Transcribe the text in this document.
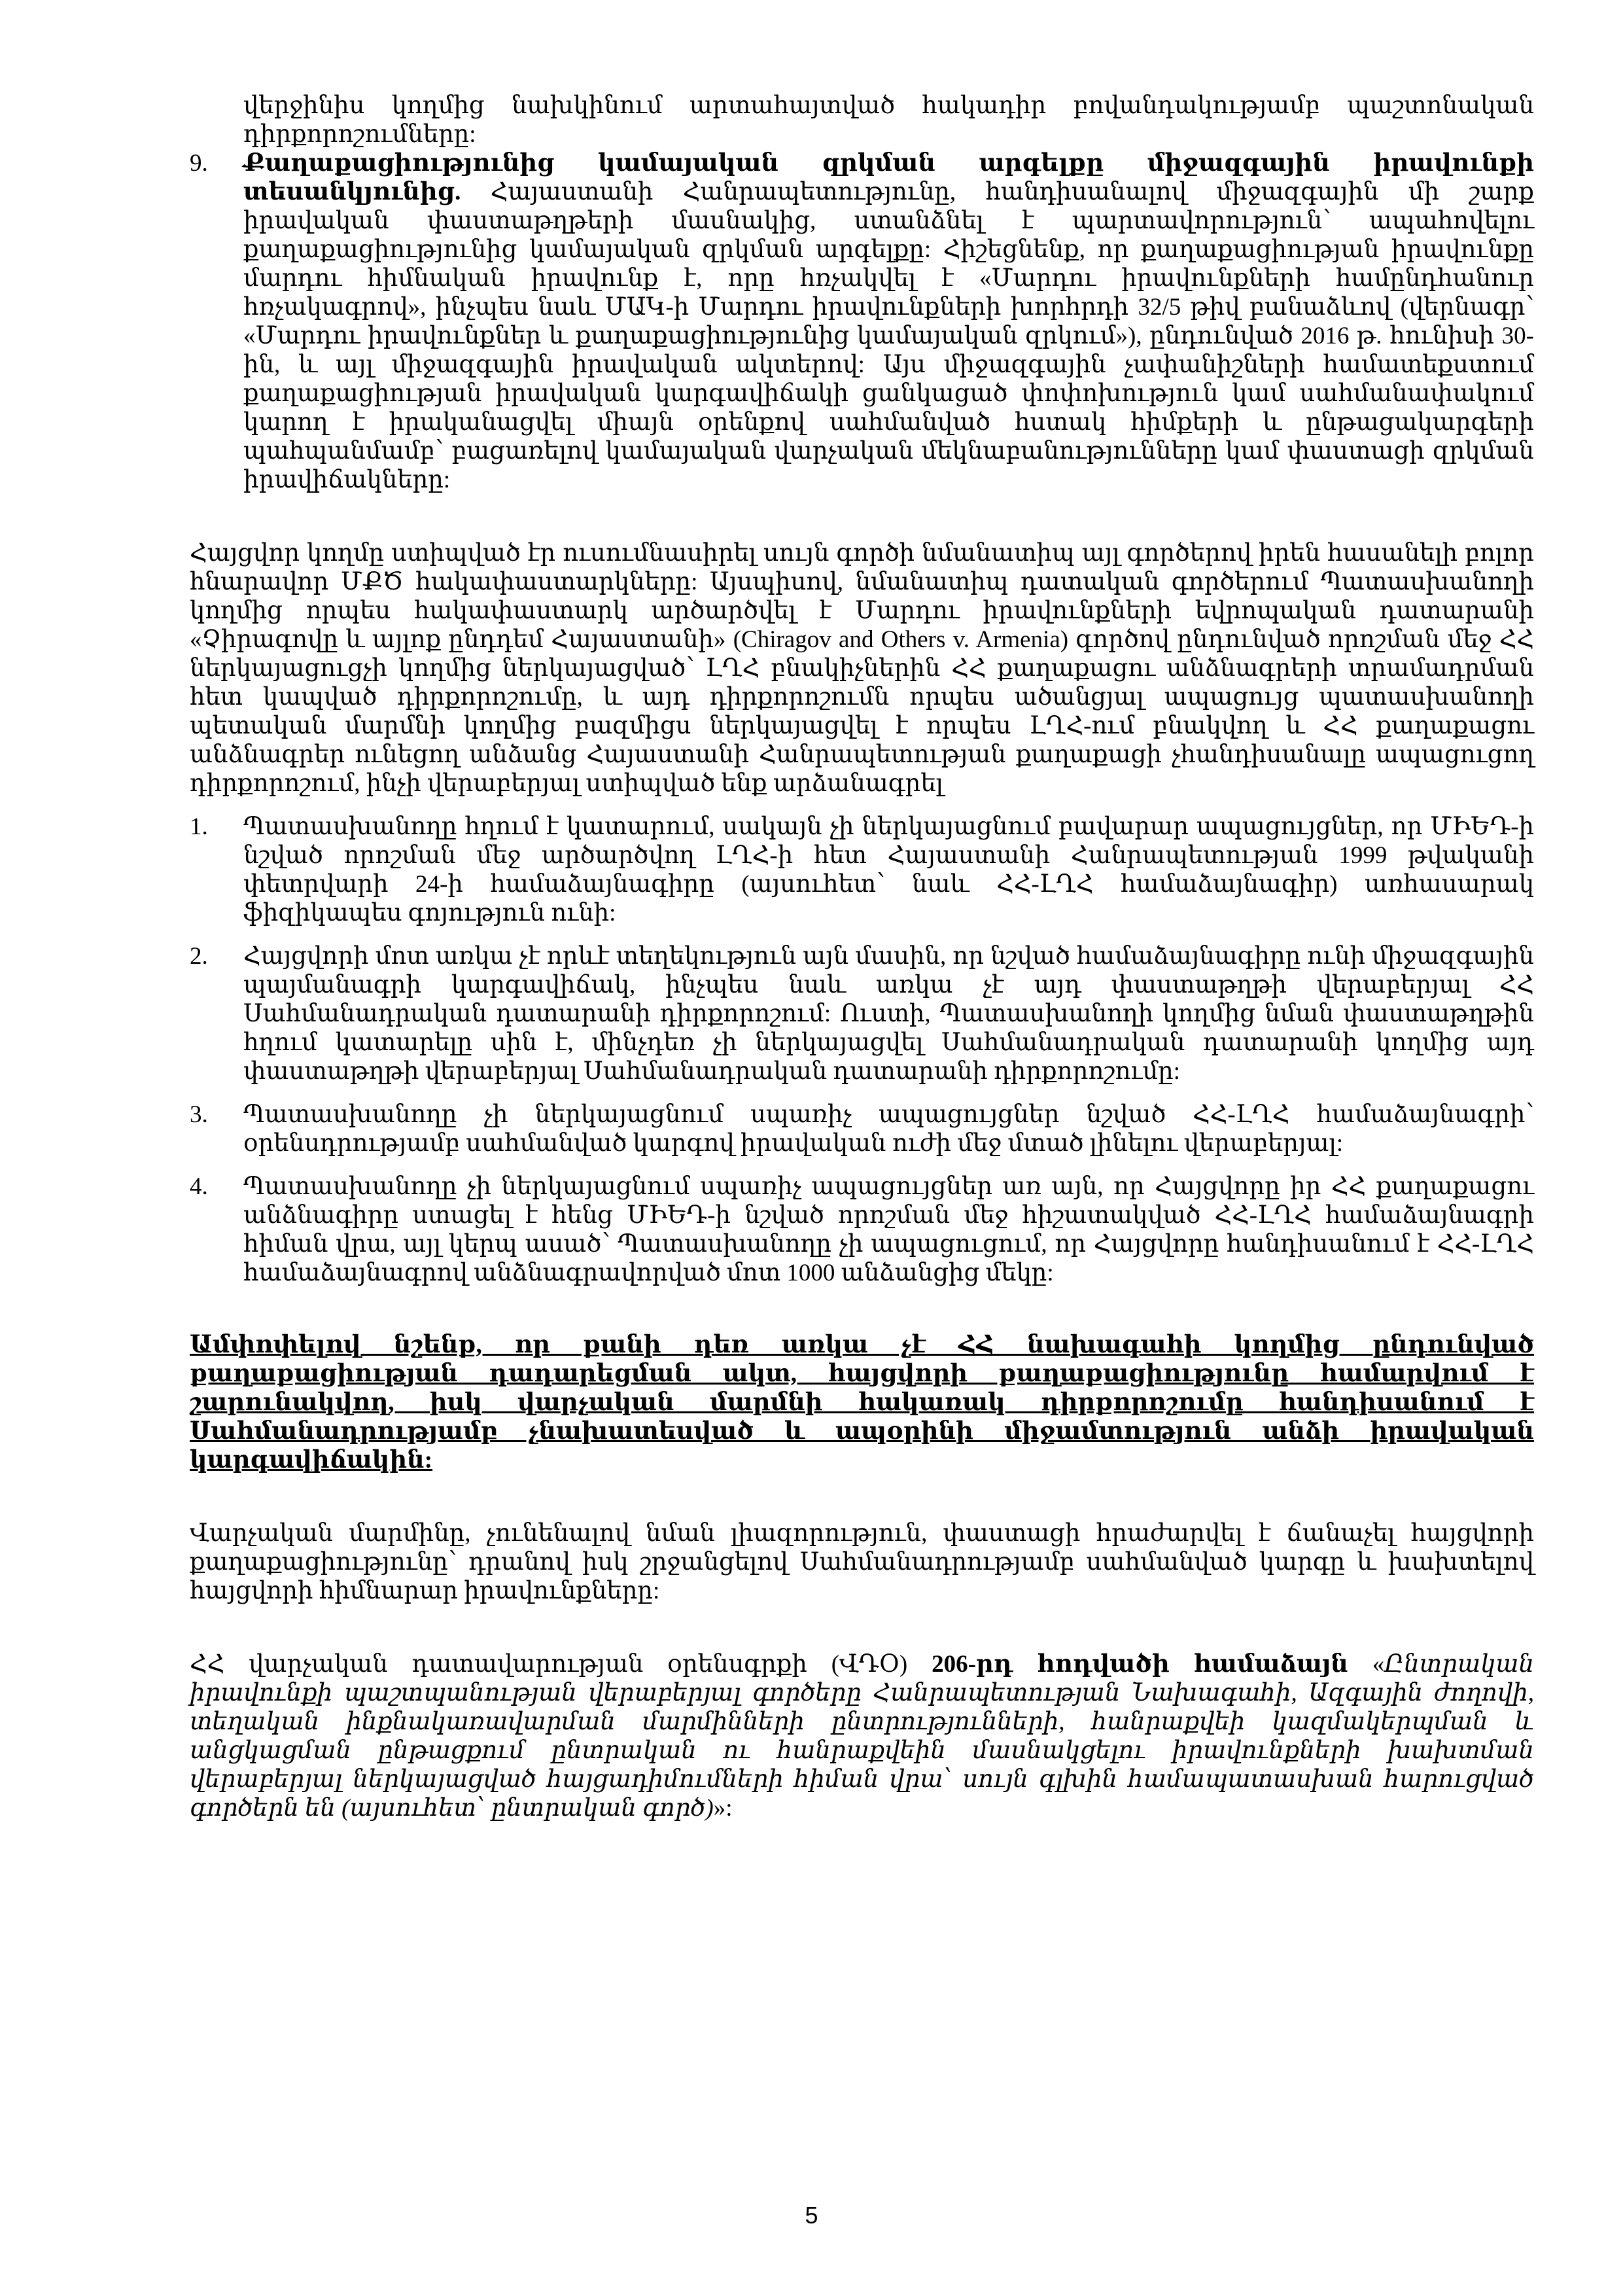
վերջինիս կողմից նախկինում արտահայտված հակադիր բովանդակությամբ պաշտոնական դիրքորոշումները:

9. Քաղաքացիությունից կամայական զրկման արգելքը միջազգային իրավունքի տեսանկյունից. Հայաստանի Հանրապետությունը, հանդիսանալով միջազգային մի շարք իրավական փաստաթղթերի մասնակից, ստանձնել է պարտավորություն՝ ապահովելու քաղաքացիությունից կամայական զրկման արգելքը: Հիշեցնենք, որ քաղաքացիության իրավունքը մարդու հիմնական իրավունք է, որը հռչակվել է «Մարդու իրավունքների համընդհանուր հռչակագրով», ինչպես նաև ՄԱԿ-ի Մարդու իրավունքների խորհրդի 32/5 թիվ բանաձևով (վերնագր՝ «Մարդու իրավունքներ և քաղաքացիությունից կամայական զրկում»), ընդունված 2016 թ. հունիսի 30-ին, և այլ միջազգային իրավական ակտերով: Այս միջազգային չափանիշների համատեքստում քաղաքացիության իրավական կարգավիճակի ցանկացած փոփոխություն կամ սահմանափակում կարող է իրականացվել միայն օրենքով սահմանված հստակ հիմքերի և ընթացակարգերի պահպանմամբ՝ բացառելով կամայական վարչական մեկնաբանությունները կամ փաստացի զրկման իրավիճակները:

Հայցվոր կողմը ստիպված էր ուսումնասիրել սույն գործի նմանատիպ այլ գործերով իրեն հասանելի բոլոր հնարավոր ՄՔԾ հակափաստարկները: Այսպիսով, նմանատիպ դատական գործերում Պատասխանողի կողմից որպես հակափաստարկ արծարծվել է Մարդու իրավունքների եվրոպական դատարանի «Չիրագովը և այլոք ընդդեմ Հայաստանի» (Chiragov and Others v. Armenia) գործով ընդունված որոշման մեջ ՀՀ ներկայացուցչի կողմից ներկայացված՝ ԼՂՀ բնակիչներին ՀՀ քաղաքացու անձնագրերի տրամադրման հետ կապված դիրքորոշումը, և այդ դիրքորոշումն որպես ածանցյալ ապացույց պատասխանողի պետական մարմնի կողմից բազմիցս ներկայացվել է որպես ԼՂՀ-ում բնակվող և ՀՀ քաղաքացու անձնագրեր ունեցող անձանց Հայաստանի Հանրապետության քաղաքացի չհանդիսանալը ապացուցող դիրքորոշում, ինչի վերաբերյալ ստիպված ենք արձանագրել

1. Պատասխանողը հղում է կատարում, սակայն չի ներկայացնում բավարար ապացույցներ, որ ՄԻԵԴ-ի նշված որոշման մեջ արծարծվող ԼՂՀ-ի հետ Հայաստանի Հանրապետության 1999 թվականի փետրվարի 24-ի համաձայնագիրը (այսուհետ՝ նաև ՀՀ-ԼՂՀ համաձայնագիր) առհասարակ ֆիզիկապես գոյություն ունի:
2. Հայցվորի մոտ առկա չէ որևէ տեղեկություն այն մասին, որ նշված համաձայնագիրը ունի միջազգային պայմանագրի կարգավիճակ, ինչպես նաև առկա չէ այդ փաստաթղթի վերաբերյալ ՀՀ Սահմանադրական դատարանի դիրքորոշում: Ուստի, Պատասխանողի կողմից նման փաստաթղթին հղում կատարելը սին է, մինչդեռ չի ներկայացվել Սահմանադրական դատարանի կողմից այդ փաստաթղթի վերաբերյալ Սահմանադրական դատարանի դիրքորոշումը:
3. Պատասխանողը չի ներկայացնում սպառիչ ապացույցներ նշված ՀՀ-ԼՂՀ համաձայնագրի՝ օրենսդրությամբ սահմանված կարգով իրավական ուժի մեջ մտած լինելու վերաբերյալ:
4. Պատասխանողը չի ներկայացնում սպառիչ ապացույցներ առ այն, որ Հայցվորը իր ՀՀ քաղաքացու անձնագիրը ստացել է հենց ՄԻԵԴ-ի նշված որոշման մեջ հիշատակված ՀՀ-ԼՂՀ համաձայնագրի հիման վրա, այլ կերպ ասած՝ Պատասխանողը չի ապացուցում, որ Հայցվորը հանդիսանում է ՀՀ-ԼՂՀ համաձայնագրով անձնագրավորված մոտ 1000 անձանցից մեկը:

Ամփոփելով նշենք, որ քանի դեռ առկա չէ ՀՀ նախագահի կողմից ընդունված քաղաքացիության դադարեցման ակտ, հայցվորի քաղաքացիությունը համարվում է շարունակվող, իսկ վարչական մարմնի հակառակ դիրքորոշումը հանդիսանում է Սահմանադրությամբ չնախատեսված և ապօրինի միջամտություն անձի իրավական կարգավիճակին:

Վարչական մարմինը, չունենալով նման լիազորություն, փաստացի հրաժարվել է ճանաչել հայցվորի քաղաքացիությունը՝ դրանով իսկ շրջանցելով Սահմանադրությամբ սահմանված կարգը և խախտելով հայցվորի հիմնարար իրավունքները:

ՀՀ վարչական դատավարության օրենսգրքի (ՎԴՕ) 206-րդ հոդվածի համաձայն «Ընտրական իրավունքի պաշտպանության վերաբերյալ գործերը Հանրապետության Նախագահի, Ազգային ժողովի, տեղական ինքնակառավարման մարմինների ընտրությունների, հանրաքվեի կազմակերպման և անցկացման ընթացքում ընտրական ու հանրաքվեին մասնակցելու իրավունքների խախտման վերաբերյալ ներկայացված հայցադիմումների հիման վրա՝ սույն գլխին համապատասխան հարուցված գործերն են (այսուհետ՝ ընտրական գործ)»:

5
